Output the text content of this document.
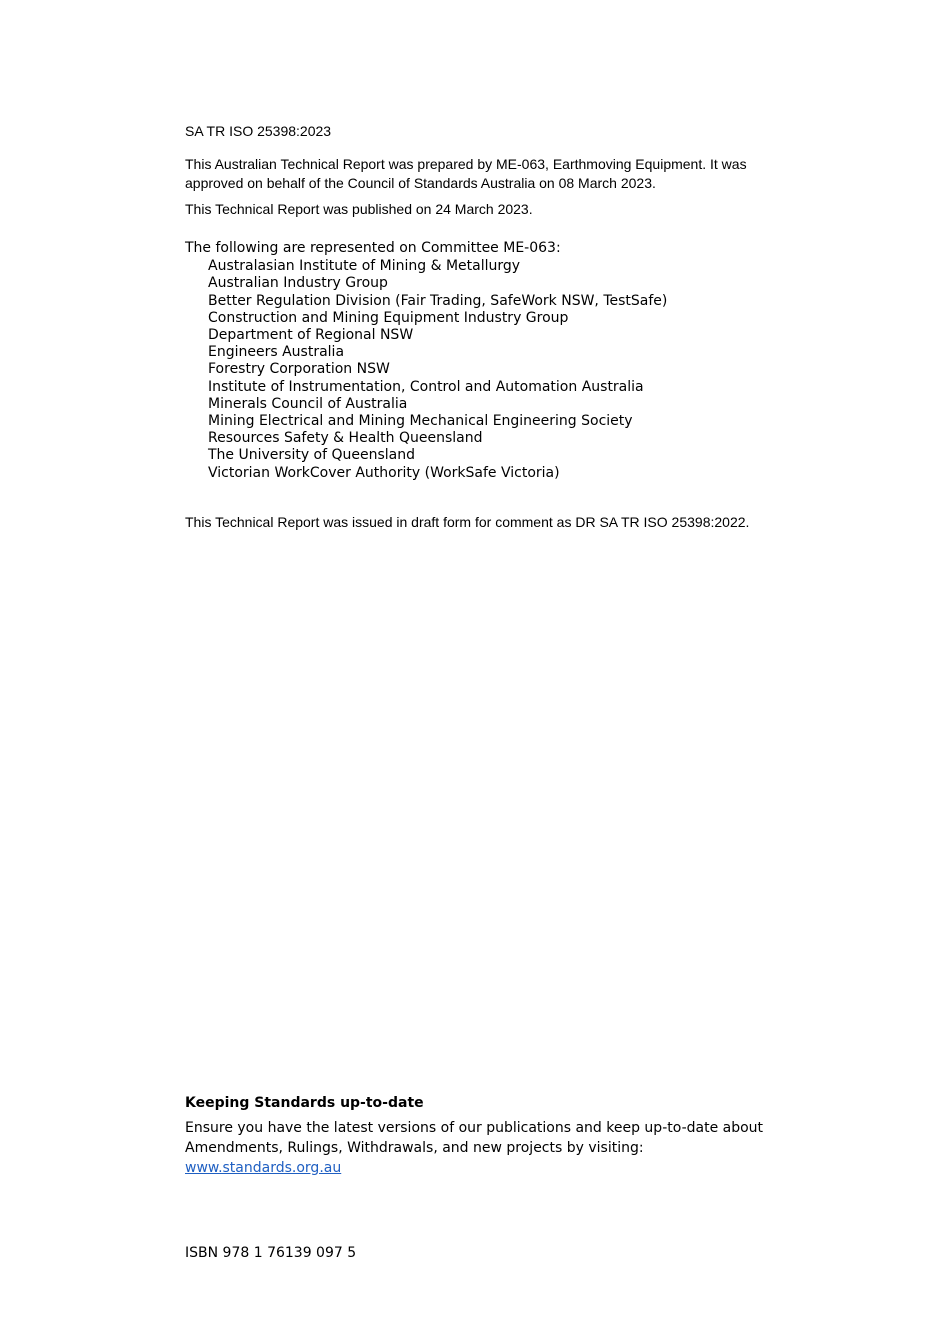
SA TR ISO 25398:2023

This Australian Technical Report was prepared by ME-063, Earthmoving Equipment. It was approved on behalf of the Council of Standards Australia on 08 March 2023.

This Technical Report was published on 24 March 2023.

The following are represented on Committee ME-063:

Australasian Institute of Mining & Metallurgy
Australian Industry Group
Better Regulation Division (Fair Trading, SafeWork NSW, TestSafe)
Construction and Mining Equipment Industry Group
Department of Regional NSW
Engineers Australia
Forestry Corporation NSW
Institute of Instrumentation, Control and Automation Australia
Minerals Council of Australia
Mining Electrical and Mining Mechanical Engineering Society
Resources Safety & Health Queensland
The University of Queensland
Victorian WorkCover Authority (WorkSafe Victoria)

This Technical Report was issued in draft form for comment as DR SA TR ISO 25398:2022.

Keeping Standards up-to-date

Ensure you have the latest versions of our publications and keep up-to-date about Amendments, Rulings, Withdrawals, and new projects by visiting:

www.standards.org.au

ISBN 978 1 76139 097 5
